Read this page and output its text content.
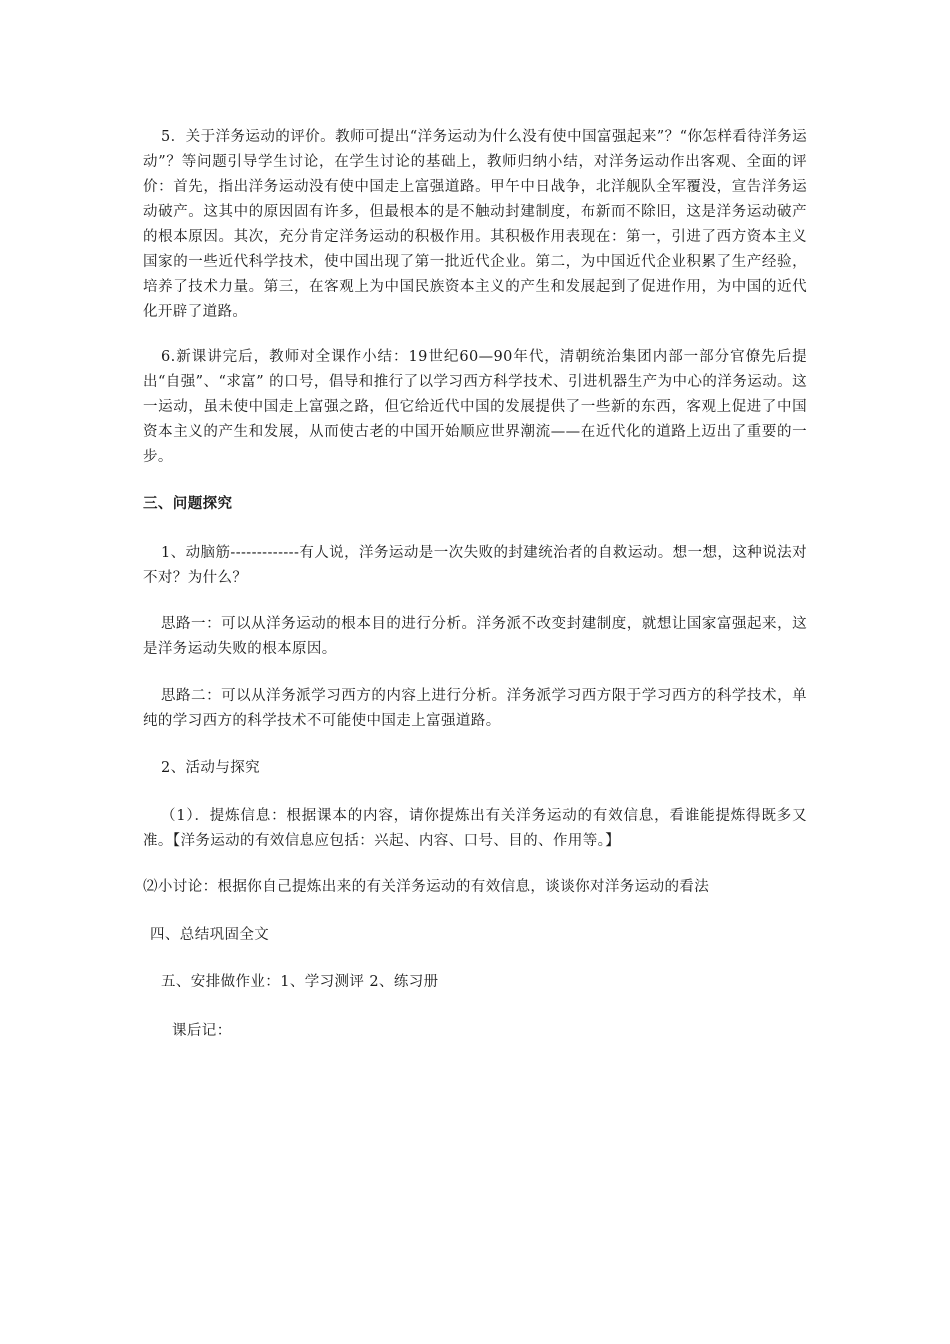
5．关于洋务运动的评价。教师可提出“洋务运动为什么没有使中国富强起来”？“你怎样看待洋务运动”？等问题引导学生讨论，在学生讨论的基础上，教师归纳小结，对洋务运动作出客观、全面的评价：首先，指出洋务运动没有使中国走上富强道路。甲午中日战争，北洋舰队全军覆没，宣告洋务运动破产。这其中的原因固有许多，但最根本的是不触动封建制度，布新而不除旧，这是洋务运动破产的根本原因。其次，充分肯定洋务运动的积极作用。其积极作用表现在：第一，引进了西方资本主义国家的一些近代科学技术，使中国出现了第一批近代企业。第二，为中国近代企业积累了生产经验，培养了技术力量。第三，在客观上为中国民族资本主义的产生和发展起到了促进作用，为中国的近代化开辟了道路。

6.新课讲完后，教师对全课作小结：19世纪60—90年代，清朝统治集团内部一部分官僚先后提出“自强”、“求富” 的口号，倡导和推行了以学习西方科学技术、引进机器生产为中心的洋务运动。这一运动，虽未使中国走上富强之路，但它给近代中国的发展提供了一些新的东西，客观上促进了中国资本主义的产生和发展，从而使古老的中国开始顺应世界潮流——在近代化的道路上迈出了重要的一步。

三、问题探究

1、动脑筋-------------有人说，洋务运动是一次失败的封建统治者的自救运动。想一想，这种说法对不对？为什么？

思路一：可以从洋务运动的根本目的进行分析。洋务派不改变封建制度，就想让国家富强起来，这是洋务运动失败的根本原因。

思路二：可以从洋务派学习西方的内容上进行分析。洋务派学习西方限于学习西方的科学技术，单纯的学习西方的科学技术不可能使中国走上富强道路。

2、活动与探究

（1）．提炼信息：根据课本的内容，请你提炼出有关洋务运动的有效信息，看谁能提炼得既多又准。【洋务运动的有效信息应包括：兴起、内容、口号、目的、作用等。】

⑵小讨论：根据你自己提炼出来的有关洋务运动的有效信息，谈谈你对洋务运动的看法

四、总结巩固全文

五、安排做作业：1、学习测评 2、练习册

课后记：
